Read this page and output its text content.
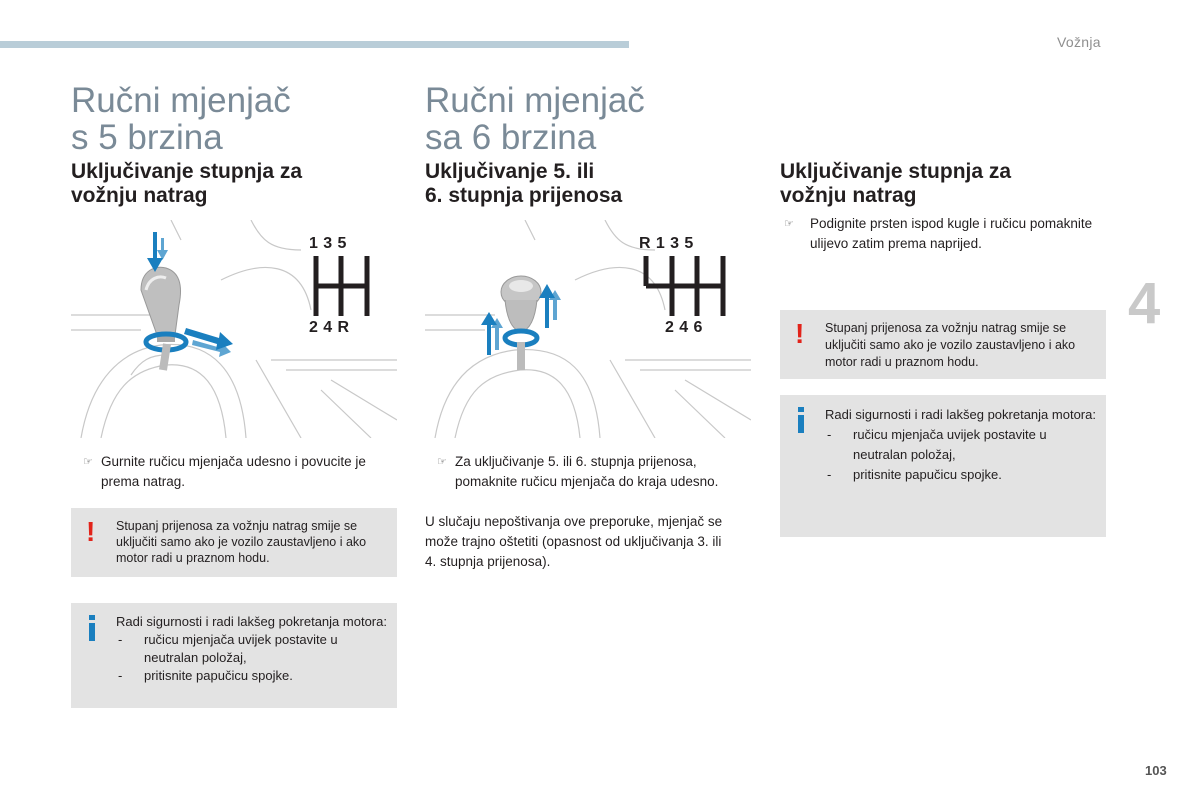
Vožnja
4
103
Ručni mjenjač
s 5 brzina
Uključivanje stupnja za
vožnju natrag
1 3 5
2 4 R
☞ Gurnite ručicu mjenjača udesno i povucite je prema natrag.
! Stupanj prijenosa za vožnju natrag smije se uključiti samo ako je vozilo zaustavljeno i ako motor radi u praznom hodu.
Radi sigurnosti i radi lakšeg pokretanja motora:
- ručicu mjenjača uvijek postavite u neutralan položaj,
- pritisnite papučicu spojke.
Ručni mjenjač
sa 6 brzina
Uključivanje 5. ili
6. stupnja prijenosa
R 1 3 5
2 4 6
☞ Za uključivanje 5. ili 6. stupnja prijenosa, pomaknite ručicu mjenjača do kraja udesno.
U slučaju nepoštivanja ove preporuke, mjenjač se može trajno oštetiti (opasnost od uključivanja 3. ili 4. stupnja prijenosa).
Uključivanje stupnja za
vožnju natrag
☞	Podignite prsten ispod kugle i ručicu pomaknite ulijevo zatim prema naprijed.
! Stupanj prijenosa za vožnju natrag smije se uključiti samo ako je vozilo zaustavljeno i ako motor radi u praznom hodu.
Radi sigurnosti i radi lakšeg pokretanja motora:
- ručicu mjenjača uvijek postavite u neutralan položaj,
- pritisnite papučicu spojke.
